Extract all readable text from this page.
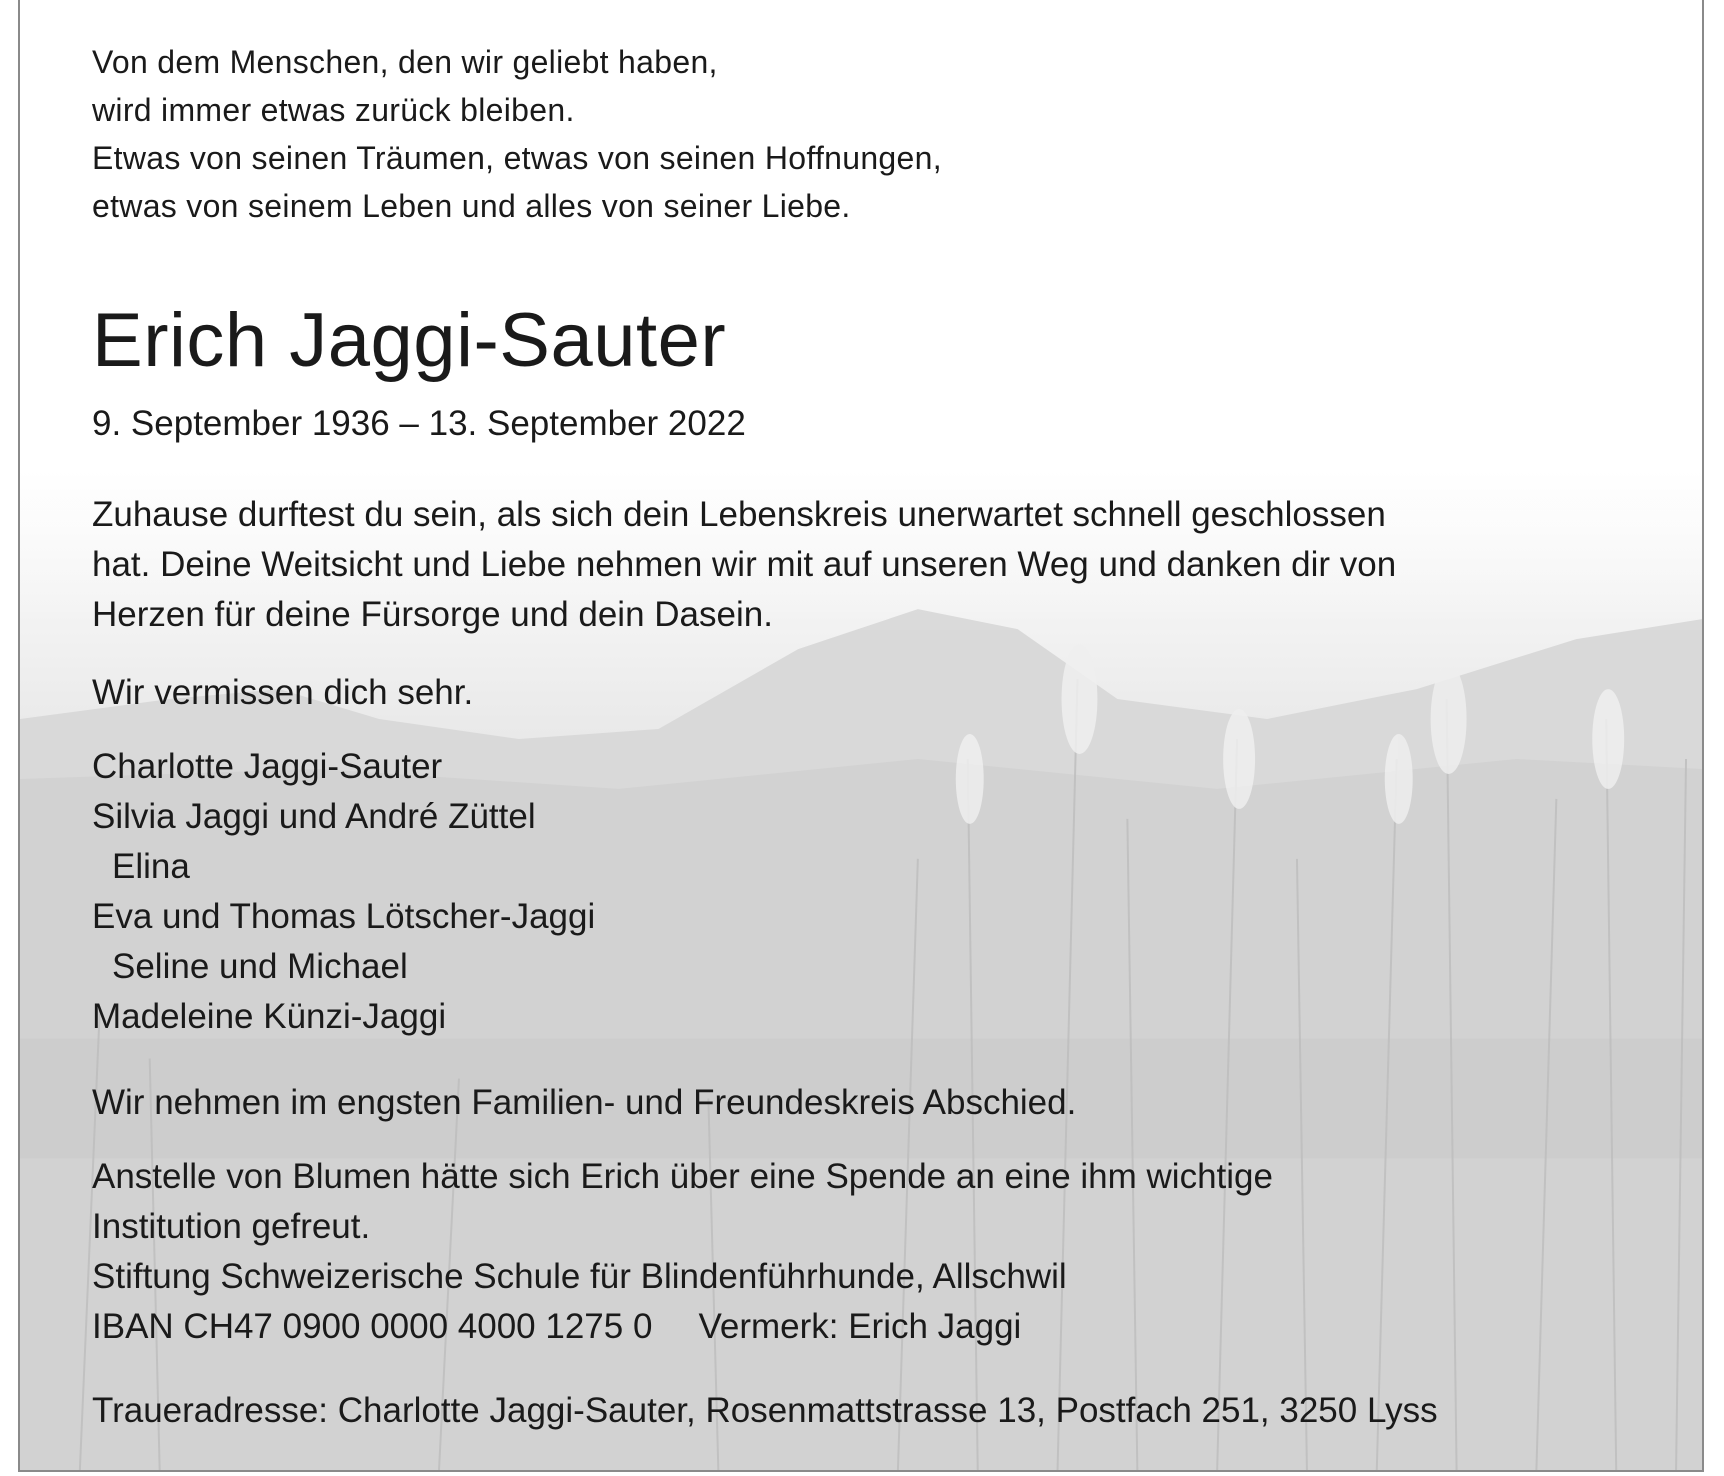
Von dem Menschen, den wir geliebt haben,
wird immer etwas zurück bleiben.
Etwas von seinen Träumen, etwas von seinen Hoffnungen,
etwas von seinem Leben und alles von seiner Liebe.
Erich Jaggi-Sauter
9. September 1936 – 13. September 2022
Zuhause durftest du sein, als sich dein Lebenskreis unerwartet schnell geschlossen
hat. Deine Weitsicht und Liebe nehmen wir mit auf unseren Weg und danken dir von
Herzen für deine Fürsorge und dein Dasein.
Wir vermissen dich sehr.
Charlotte Jaggi-Sauter
Silvia Jaggi und André Züttel
Elina
Eva und Thomas Lötscher-Jaggi
Seline und Michael
Madeleine Künzi-Jaggi
Wir nehmen im engsten Familien- und Freundeskreis Abschied.
Anstelle von Blumen hätte sich Erich über eine Spende an eine ihm wichtige
Institution gefreut.
Stiftung Schweizerische Schule für Blindenführhunde, Allschwil
IBAN CH47 0900 0000 4000 1275 0 Vermerk: Erich Jaggi
Traueradresse: Charlotte Jaggi-Sauter, Rosenmattstrasse 13, Postfach 251, 3250 Lyss
